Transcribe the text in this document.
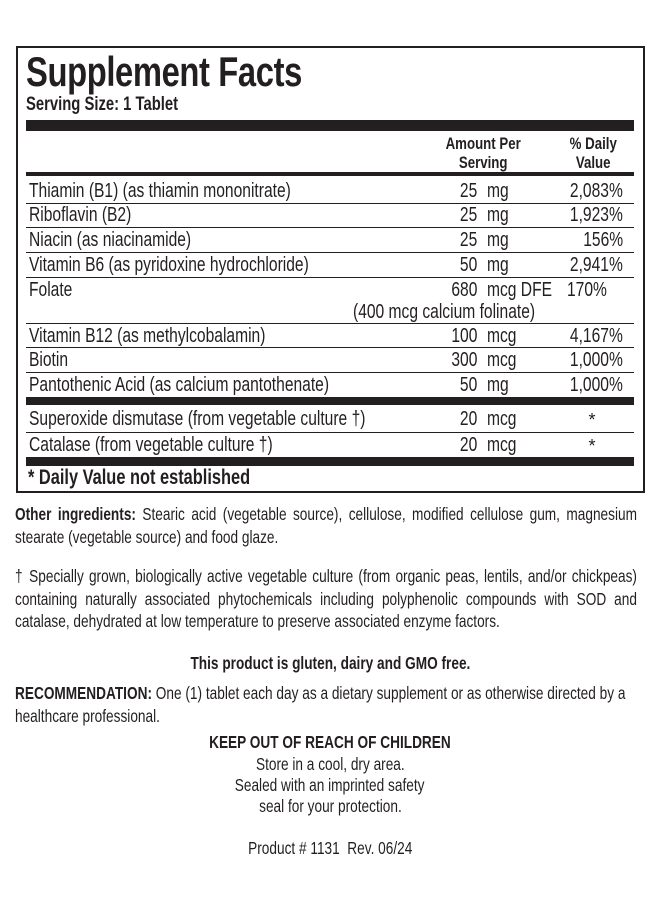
Supplement Facts
Serving Size: 1 Tablet
Amount Per
Serving
% Daily
Value
Thiamin (B1) (as thiamin mononitrate)	25 mg	2,083%
Riboflavin (B2)	25 mg	1,923%
Niacin (as niacinamide)	25 mg	156%
Vitamin B6 (as pyridoxine hydrochloride)	50 mg	2,941%
Folate	680 mcg DFE 170%
(400 mcg calcium folinate)
Vitamin B12 (as methylcobalamin)	100 mcg	4,167%
Biotin	300 mcg	1,000%
Pantothenic Acid (as calcium pantothenate)	50 mg	1,000%
Superoxide dismutase (from vegetable culture †)	20 mcg	*
Catalase (from vegetable culture †)	20 mcg	*
* Daily Value not established
Other ingredients: Stearic acid (vegetable source), cellulose, modified cellulose gum, magnesium stearate (vegetable source) and food glaze.
† Specially grown, biologically active vegetable culture (from organic peas, lentils, and/or chickpeas) containing naturally associated phytochemicals including polyphenolic compounds with SOD and catalase, dehydrated at low temperature to preserve associated enzyme factors.
This product is gluten, dairy and GMO free.
RECOMMENDATION: One (1) tablet each day as a dietary supplement or as otherwise directed by a healthcare professional.
KEEP OUT OF REACH OF CHILDREN
Store in a cool, dry area.
Sealed with an imprinted safety
seal for your protection.
Product # 1131  Rev. 06/24
